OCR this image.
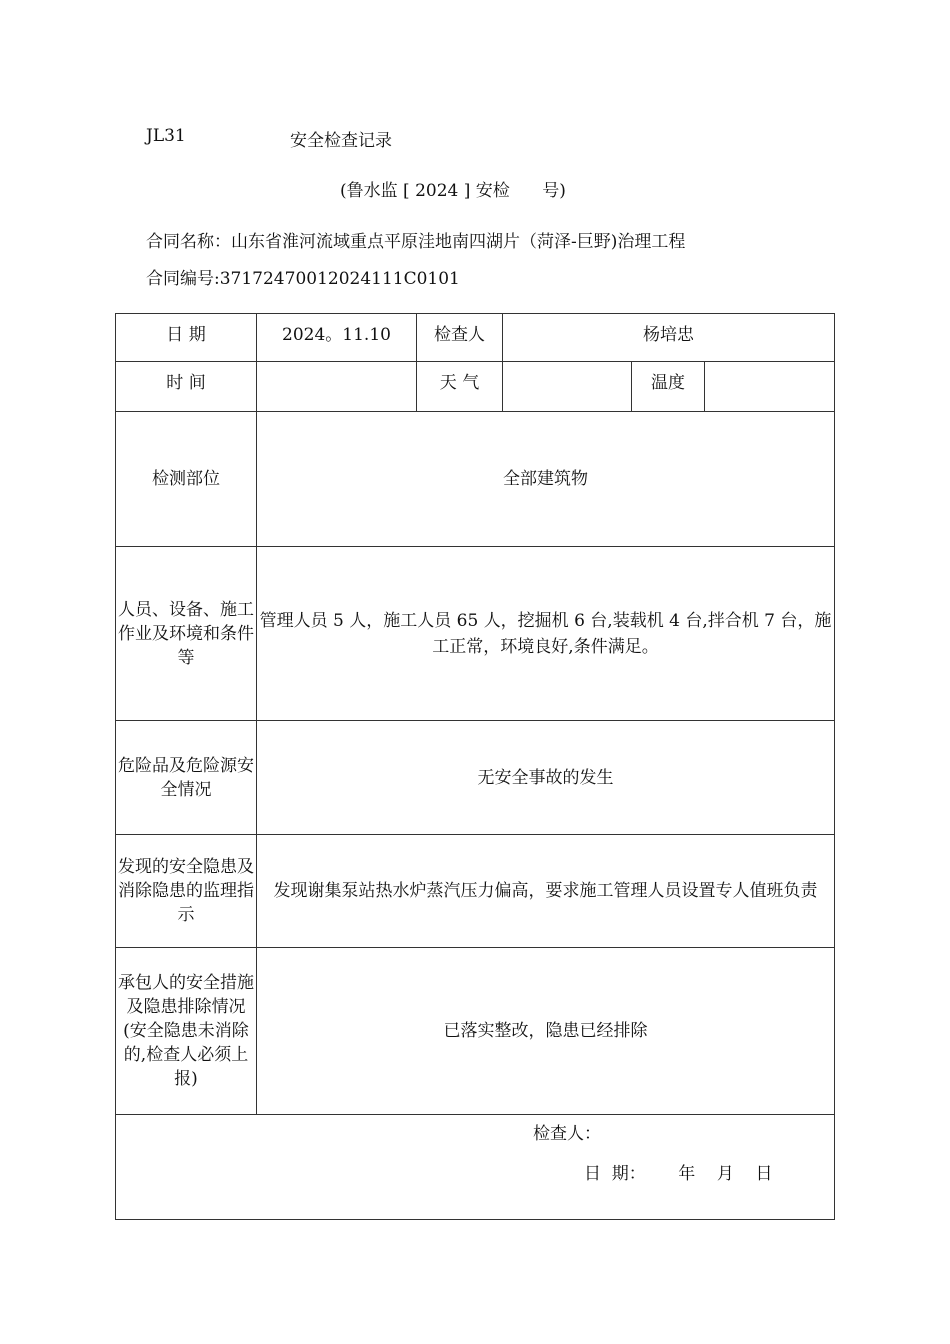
JL31	安全检查记录
(鲁水监 [ 2024 ] 安检      号)
合同名称：山东省淮河流域重点平原洼地南四湖片（菏泽-巨野)治理工程
合同编号:37172470012024111C0101
日 期	2024。11.10	检查人	杨培忠		
时 间		天 气		温度	
检测部位	全部建筑物				
人员、设备、施工作业及环境和条件等	管理人员 5 人，施工人员 65 人，挖掘机 6 台,装载机 4 台,拌合机 7 台，施工正常，环境良好,条件满足。				
危险品及危险源安全情况	无安全事故的发生				
发现的安全隐患及消除隐患的监理指示	发现谢集泵站热水炉蒸汽压力偏高，要求施工管理人员设置专人值班负责				
承包人的安全措施及隐患排除情况(安全隐患未消除的,检查人必须上报)	已落实整改，隐患已经排除				

检查人：
日  期：      年    月    日					
